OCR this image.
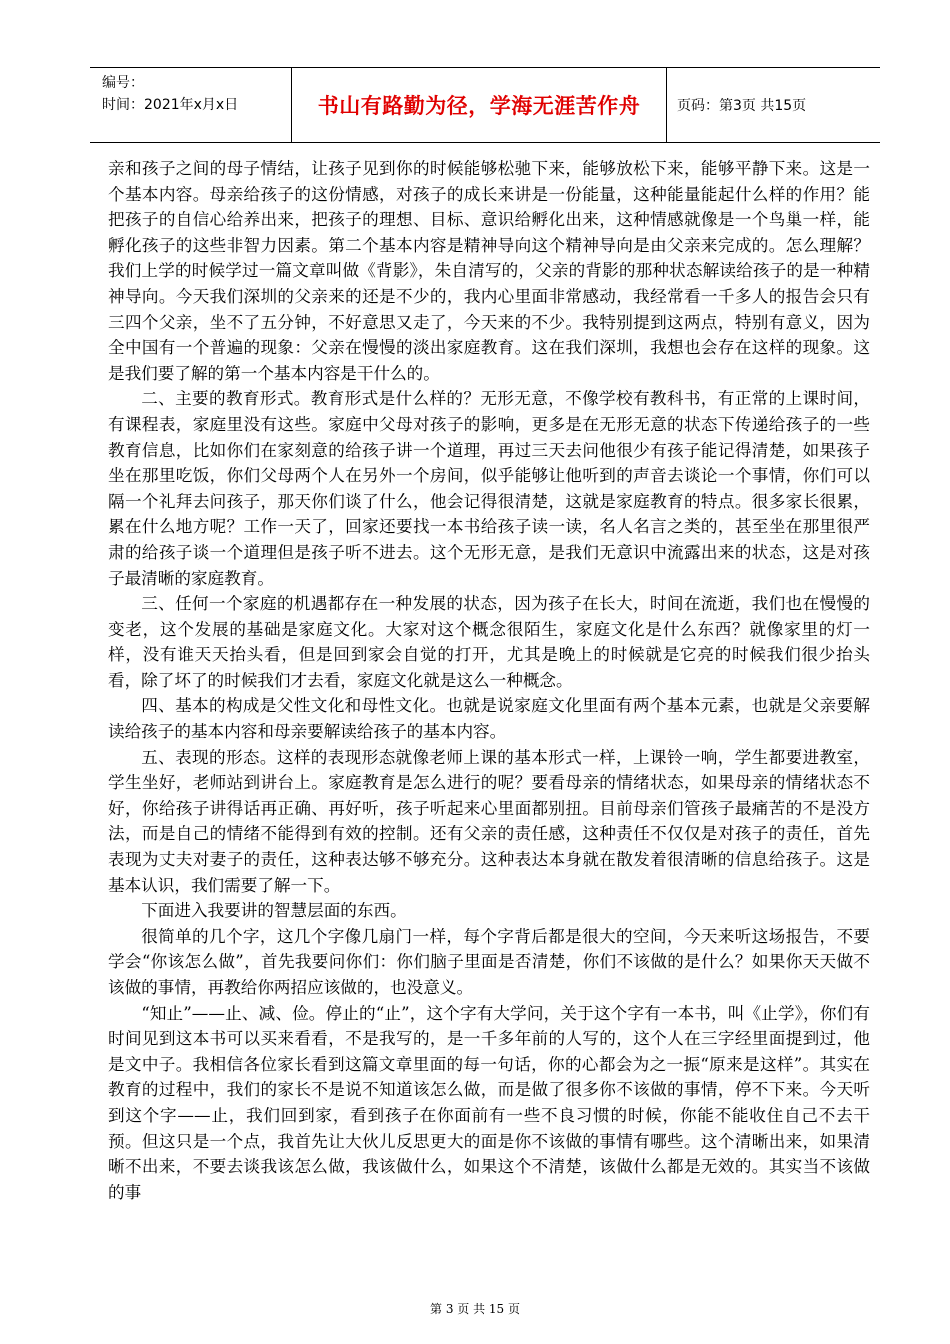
编号：
时间：2021年x月x日	书山有路勤为径，学海无涯苦作舟	页码：第3页 共15页

亲和孩子之间的母子情结，让孩子见到你的时候能够松驰下来，能够放松下来，能够平静下来。这是一个基本内容。母亲给孩子的这份情感，对孩子的成长来讲是一份能量，这种能量能起什么样的作用？能把孩子的自信心给养出来，把孩子的理想、目标、意识给孵化出来，这种情感就像是一个鸟巢一样，能孵化孩子的这些非智力因素。第二个基本内容是精神导向这个精神导向是由父亲来完成的。怎么理解？我们上学的时候学过一篇文章叫做《背影》，朱自清写的，父亲的背影的那种状态解读给孩子的是一种精神导向。今天我们深圳的父亲来的还是不少的，我内心里面非常感动，我经常看一千多人的报告会只有三四个父亲，坐不了五分钟，不好意思又走了，今天来的不少。我特别提到这两点，特别有意义，因为全中国有一个普遍的现象：父亲在慢慢的淡出家庭教育。这在我们深圳，我想也会存在这样的现象。这是我们要了解的第一个基本内容是干什么的。

二、主要的教育形式。教育形式是什么样的？无形无意，不像学校有教科书，有正常的上课时间，有课程表，家庭里没有这些。家庭中父母对孩子的影响，更多是在无形无意的状态下传递给孩子的一些教育信息，比如你们在家刻意的给孩子讲一个道理，再过三天去问他很少有孩子能记得清楚，如果孩子坐在那里吃饭，你们父母两个人在另外一个房间，似乎能够让他听到的声音去谈论一个事情，你们可以隔一个礼拜去问孩子，那天你们谈了什么，他会记得很清楚，这就是家庭教育的特点。很多家长很累，累在什么地方呢？工作一天了，回家还要找一本书给孩子读一读，名人名言之类的，甚至坐在那里很严肃的给孩子谈一个道理但是孩子听不进去。这个无形无意，是我们无意识中流露出来的状态，这是对孩子最清晰的家庭教育。

三、任何一个家庭的机遇都存在一种发展的状态，因为孩子在长大，时间在流逝，我们也在慢慢的变老，这个发展的基础是家庭文化。大家对这个概念很陌生，家庭文化是什么东西？就像家里的灯一样，没有谁天天抬头看，但是回到家会自觉的打开，尤其是晚上的时候就是它亮的时候我们很少抬头看，除了坏了的时候我们才去看，家庭文化就是这么一种概念。

四、基本的构成是父性文化和母性文化。也就是说家庭文化里面有两个基本元素，也就是父亲要解读给孩子的基本内容和母亲要解读给孩子的基本内容。

五、表现的形态。这样的表现形态就像老师上课的基本形式一样，上课铃一响，学生都要进教室，学生坐好，老师站到讲台上。家庭教育是怎么进行的呢？要看母亲的情绪状态，如果母亲的情绪状态不好，你给孩子讲得话再正确、再好听，孩子听起来心里面都别扭。目前母亲们管孩子最痛苦的不是没方法，而是自己的情绪不能得到有效的控制。还有父亲的责任感，这种责任不仅仅是对孩子的责任，首先表现为丈夫对妻子的责任，这种表达够不够充分。这种表达本身就在散发着很清晰的信息给孩子。这是基本认识，我们需要了解一下。

下面进入我要讲的智慧层面的东西。

很简单的几个字，这几个字像几扇门一样，每个字背后都是很大的空间，今天来听这场报告，不要学会“你该怎么做”，首先我要问你们：你们脑子里面是否清楚，你们不该做的是什么？如果你天天做不该做的事情，再教给你两招应该做的，也没意义。

“知止”——止、减、俭。停止的“止”，这个字有大学问，关于这个字有一本书，叫《止学》，你们有时间见到这本书可以买来看看，不是我写的，是一千多年前的人写的，这个人在三字经里面提到过，他是文中子。我相信各位家长看到这篇文章里面的每一句话，你的心都会为之一振“原来是这样”。其实在教育的过程中，我们的家长不是说不知道该怎么做，而是做了很多你不该做的事情，停不下来。今天听到这个字——止，我们回到家，看到孩子在你面前有一些不良习惯的时候，你能不能收住自己不去干预。但这只是一个点，我首先让大伙儿反思更大的面是你不该做的事情有哪些。这个清晰出来，如果清晰不出来，不要去谈我该怎么做，我该做什么，如果这个不清楚，该做什么都是无效的。其实当不该做的事

第 3 页 共 15 页
